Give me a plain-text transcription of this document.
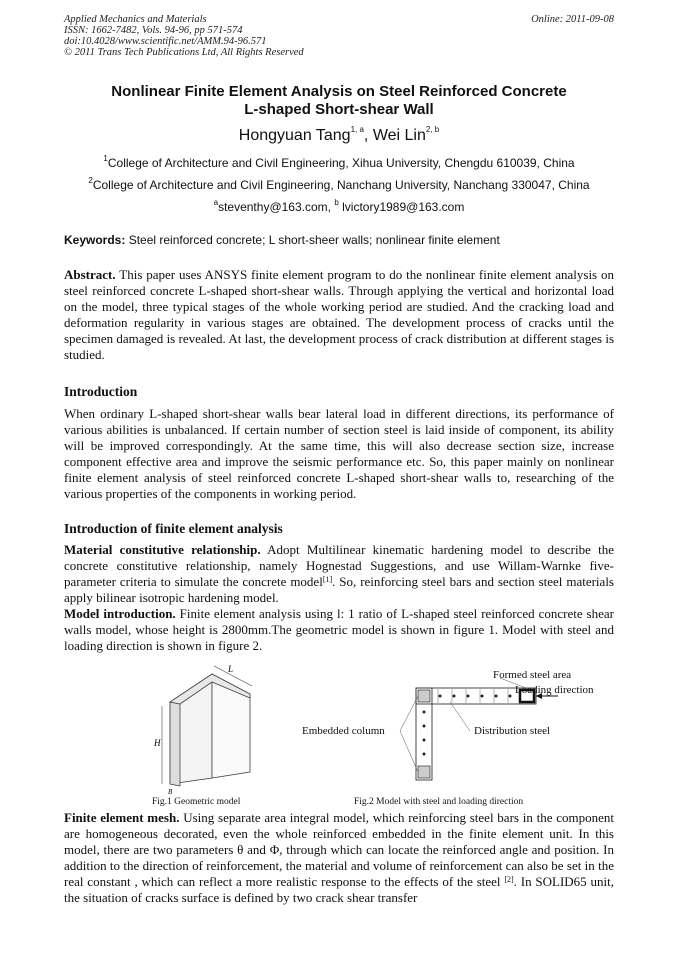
Applied Mechanics and Materials
ISSN: 1662-7482, Vols. 94-96, pp 571-574
doi:10.4028/www.scientific.net/AMM.94-96.571
© 2011 Trans Tech Publications Ltd, All Rights Reserved
Online: 2011-09-08
Nonlinear Finite Element Analysis on Steel Reinforced Concrete
L-shaped Short-shear Wall
Hongyuan Tang$^{1, a}$, Wei Lin$^{2, b}$
$^1$College of Architecture and Civil Engineering, Xihua University, Chengdu 610039, China
$^2$College of Architecture and Civil Engineering, Nanchang University, Nanchang 330047, China
$^a$steventhy@163.com, $^b$ lvictory1989@163.com
Keywords: Steel reinforced concrete; L short-sheer walls; nonlinear finite element
Abstract. This paper uses ANSYS finite element program to do the nonlinear finite element analysis on steel reinforced concrete L-shaped short-shear walls. Through applying the vertical and horizontal load on the model, three typical stages of the whole working period are studied. And the cracking load and deformation regularity in various stages are obtained. The development process of cracks until the specimen damaged is revealed. At last, the development process of crack distribution at different stages is studied.
Introduction
When ordinary L-shaped short-shear walls bear lateral load in different directions, its performance of various abilities is unbalanced. If certain number of section steel is laid inside of component, its ability will be improved correspondingly. At the same time, this will also decrease section size, increase component effective area and improve the seismic performance etc. So, this paper mainly on nonlinear finite element analysis of steel reinforced concrete L-shaped short-shear walls to, researching of the various properties of the components in working period.
Introduction of finite element analysis
Material constitutive relationship. Adopt Multilinear kinematic hardening model to describe the concrete constitutive relationship, namely Hognestad Suggestions, and use Willam-Warnke five-parameter criteria to simulate the concrete model[1]. So, reinforcing steel bars and section steel materials apply bilinear isotropic hardening model.
Model introduction. Finite element analysis using l: 1 ratio of L-shaped steel reinforced concrete shear walls model, whose height is 2800mm.The geometric model is shown in figure 1. Model with steel and loading direction is shown in figure 2.
L
H
B
Formed steel area
Loading direction
Embedded column	Distribution steel
Fig.1 Geometric model	Fig.2 Model with steel and loading direction
Finite element mesh. Using separate area integral model, which reinforcing steel bars in the component are homogeneous decorated, even the whole reinforced embedded in the finite element unit. In this model, there are two parameters θ and Φ, through which can locate the reinforced angle and position. In addition to the direction of reinforcement, the material and volume of reinforcement can also be set in the real constant , which can reflect a more realistic response to the effects of the steel [2]. In SOLID65 unit, the situation of cracks surface is defined by two crack shear transfer
